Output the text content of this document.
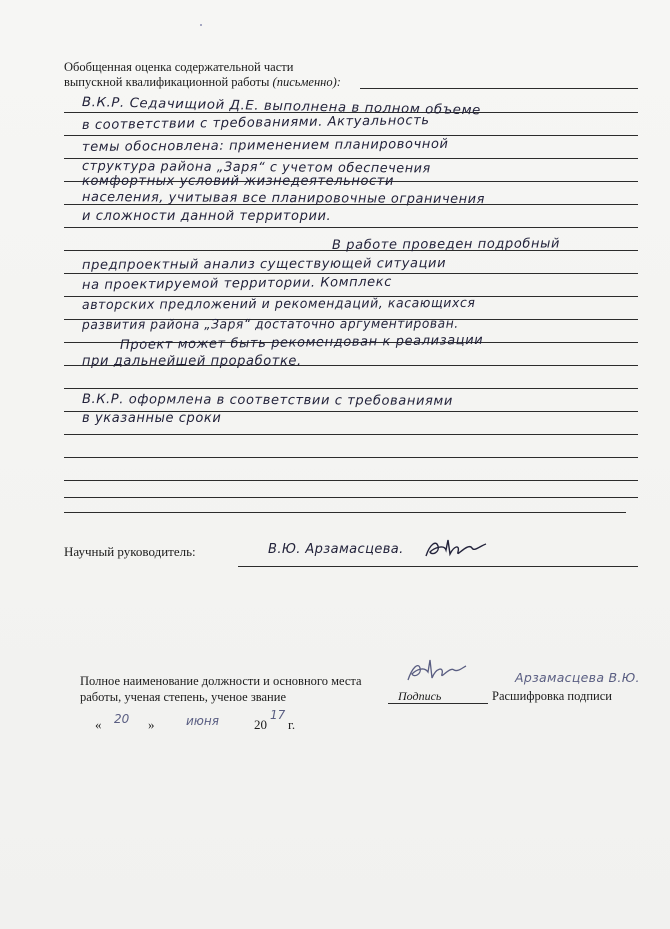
Обобщенная оценка содержательной части
выпускной квалификационной работы (письменно):
В.К.Р. Седачищиой Д.Е. выполнена в полном объеме
в соответствии с требованиями. Актуальность
темы обосновлена: применением планировочной
структура района „Заря“ с учетом обеспечения
комфортных условий жизнедеятельности
населения, учитывая все планировочные ограничения
и сложности данной территории.
В работе проведен подробный
предпроектный анализ существующей ситуации
на проектируемой территории. Комплекс
авторских предложений и рекомендаций, касающихся
развития района „Заря“ достаточно аргументирован.
Проект может быть рекомендован к реализации
при дальнейшей проработке.
В.К.Р. оформлена в соответствии с требованиями
в указанные сроки
Научный руководитель:	В.Ю. Арзамасцева.
Полное наименование должности и основного места
работы, ученая степень, ученое звание
Арзамасцева В.Ю.
Подпись	Расшифровка подписи
« 20 »	июня	20
17
г.
